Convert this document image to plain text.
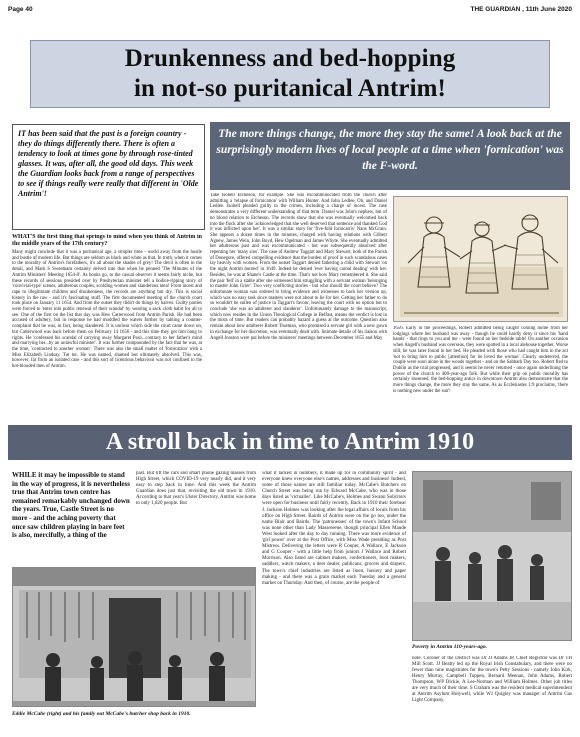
Page 40	THE GUARDIAN , 11th June 2020
Drunkenness and bed-hopping
in not-so puritanical Antrim!
IT has been said that the past is a foreign country - they do things differently there. There is often a tendency to look at times gone by through rose-tinted glasses. It was, after all, the good old days. This week the Guardian looks back from a range of perspectives to see if things really were really that different in 'Olde Antrim'!
The more things change, the more they stay the same! A look back at the surprisingly modern lives of local people at a time when 'fornication' was the F-word.

WHAT'S the first thing that springs to mind when you think of Antrim in the middle years of the 17th century?

Many might conclude that it was a puritanical age, a simpler time - world away from the hustle and bustle of modern life. But things are seldom as black and white as that. In truth, when it comes to the morality of Antrim's forefathers, it's all about the shades of grey! The devil is often in the detail, and Mark S Sweetnam certainly delved into that when he penned 'The Minutes of the Antrim Ministers' Meeting 1654-8'. As books go, to the casual observer it seems fairly niche, but these records of sessions presided over by Presbyterian minister tell a bodice-ripping story of 'convivial-type' scenes, adulterous couples, scolding women and slanderous men! From incest and rape to illegitimate children and drunkenness, the records are anything but dry. This is social history in the raw - and it's fascinating stuff. The first documented meeting of the church court took place on January 11 1654. And from the outset they didn't do things by halves. Guilty parties were forced to 'enter into public renewal of their scandal' by wearing a sack cloth habit for all to see. One of the first on the list that day was Hew Catterwood from Antrim Parish. He had been accused of adultery, but in response he had muddled the waters further by tabling a counter-complaint that he was, in fact, being slandered. It is unclear which side the court came down on, but Catterwood was back before them on February 14 1656 - and this time they got him bang to rights. He 'confessed his scandal of carrying away Margaret Pool...contrary to her father's mind and marrying her...by an unlawful minister'. It was further compounded by the fact that he was, at the time, 'contracted to another woman'. There was also the small matter of 'fornication' with a Miss Elizabeth Lindsay. Tut tut. He was named, shamed but ultimately absolved. This was, however, far from an isolated case - and this sort of licentious behaviour was not confined to the hot-blooded men of Antrim.

Take Isobell Etcheson, for example. She was excommunicated from the church after admitting a 'relapse of fornication' with William Hunter. And John Ledlee, Oh, and Daniel Ledlee. Isobell pleaded guilty to the crimes, including a charge of incest. The case demonstrates a very different understanding of that term. Daniel was John's nephew, but of no blood relation to Etcheson. The records show that she was eventually welcomed back into the flock after she 'acknowledged that she well deserved that sentence and thanked God it was inflicted upon her'. It was a similar story for 'five-fold fornicatrix' Nans McGrain. She appears a dozen times in the minutes, charged with having relations with Gilbert Agnew, James Wein, John Boyd, Hew Ogelman and James Whyte. She eventually admitted her adulterous past and was excommunicated - but was subsequently absolved after repenting her 'many sins'. The case of Andrew Taggart and Mary Stewart, both of the Parish of Donegore, offered compelling evidence that the burden of proof in such scandalous cases lay heavily with women. From the outset Taggart denied fathering a child with Stewart 'on the night Antrim burned' in 1649. Indeed he denied 'ever having carnal dealing' with her. Besides, he was at Shane's Castle at the time. That's not how Mary remembered it. She said the pair 'fell' in a stable after she witnessed him struggling with a servant woman 'belonging to master John Grier'. Two very conflicting stories - but who should the court believe? The unfortunate woman was ordered to bring evidence and witnesses to back her version up, which was no easy task since masters were not about to lie for her. Getting her father to do so wouldn't be sullen of justice in Taggart's favour, leaving the court with no option but to conclude 'she was an adulterer and slanderer'. Unfortunately damage to the manuscript, which now resides in the Union Theological College in Belfast, means the verdict is lost in the mists of time. But readers can probably hazard a guess at the outcome. Question also remain about how adulterer Robert Trueman, who promised a servant girl with a new gown in exchange for her discretion, was eventually dealt with. Intimate details of his liaison with Angell Jonston were put before the ministers' meetings between December 1655 and May

1656. Early in the proceedings, Robert admitted being caught coming home from her lodgings where her husband was away - though he could hardly deny it since his 'hand bands' - that rings to you and me - were found on her bedside table! On another occasion when Angell's husband was overseas, they were spotted in a local alehouse together. Worse still, he was later found in her bed. He pleaded with those who had caught him in the act 'not to bring him to public [attention] for he loved the woman'. Clearly undeterred, the couple were soon alone in the woods together - and on the Sabbath Day too. Robert fled to Dublin as the trial progressed, and it seems he never returned - once again underlining the power of the church to 400-year-ago folk. But while their grip on public morality has certainly loosened, the bed-hopping antics in downtown Antrim also demonstrate that the more things change, the more they stay the same. As as Ecclesiastes 1:9 proclaims, 'there is nothing new under the sun'!

A stroll back in time to Antrim 1910
WHILE it may be impossible to stand in the way of progress, it is nevertheless true that Antrim town centre has remained remarkably unchanged down the years. True, Castle Street is no more - and the aching poverty that once saw children playing in bare feet is also, mercifully, a thing of the

past. But lift the cars and smart phone gazing masses from High Street, which COVID-19 very nearly did, and it very easy to step back in time. And this week the Antrim Guardian does just that, revisiting the old town in 1910. According to that year's Ulster Directory, Antrim was home to only 1,820 people. But

Eddie McCabe (right) and his family out McCabe's butcher shop back in 1910.

what it lacked in numbers, it made up for in community spirit - and everyone knew everyone else's names, addresses and business! Indeed, some of those names are still familiar today. McCabe's Butchers on Church Street was being run by Edward McCabe, who was in those days listed as 'victualler'. Like McCabe's, Holmes and Swann Solicitors were open for business until fairly recently. Back in 1910 their forebear J. Jackson Holmes was looking after the legal affairs of locals from his office on High Street. Bairds of Antrim were on the go too, under the name Blair and Bairds. The 'patronesses' of the town's Infant School was none other than Lady Massereene, though principal Ellen Maude West looked after the day to day running. There was more evidence of 'girl power' over at the Post Office, with Miss Wade presiding as Post Mistress. Delivering the letters were R Cooper, A Wallace, E Jackson and G Cooper - with a little help from juniors J Wallace and Robert Morrison. Also listed are cabinet makers, confectioners, boot makers, saddlers, watch makers, a deer dealer, publicans, grocers and drapers. The town's chief industries are listed as linen, hosiery and paper making - and there was a grain market each Tuesday and a general market on Thursday. And then, of course, are the people of

Poverty in Antrim 110-years-ago.

note. Coroner of the District was Dr JJ Adams JP, Chief Registrar was Dr TH Mill Scott. JJ Beatty led up the Royal Irish Constabulary, and there were no fewer than nine magistrates for the town's Petty Sessions - namely John Kirk, Henry Murray, Campbell Tuppen, Bernard Meenan, John Adams, Robert Thompson, WP Dickie, A Lee-Norman and William Holmes. Other job titles are very much of their time. S Graham was the resident medical superintendent at Antrim Asylum Holywell, while WJ Quigley was manager of Antrim Gas Light Company.
